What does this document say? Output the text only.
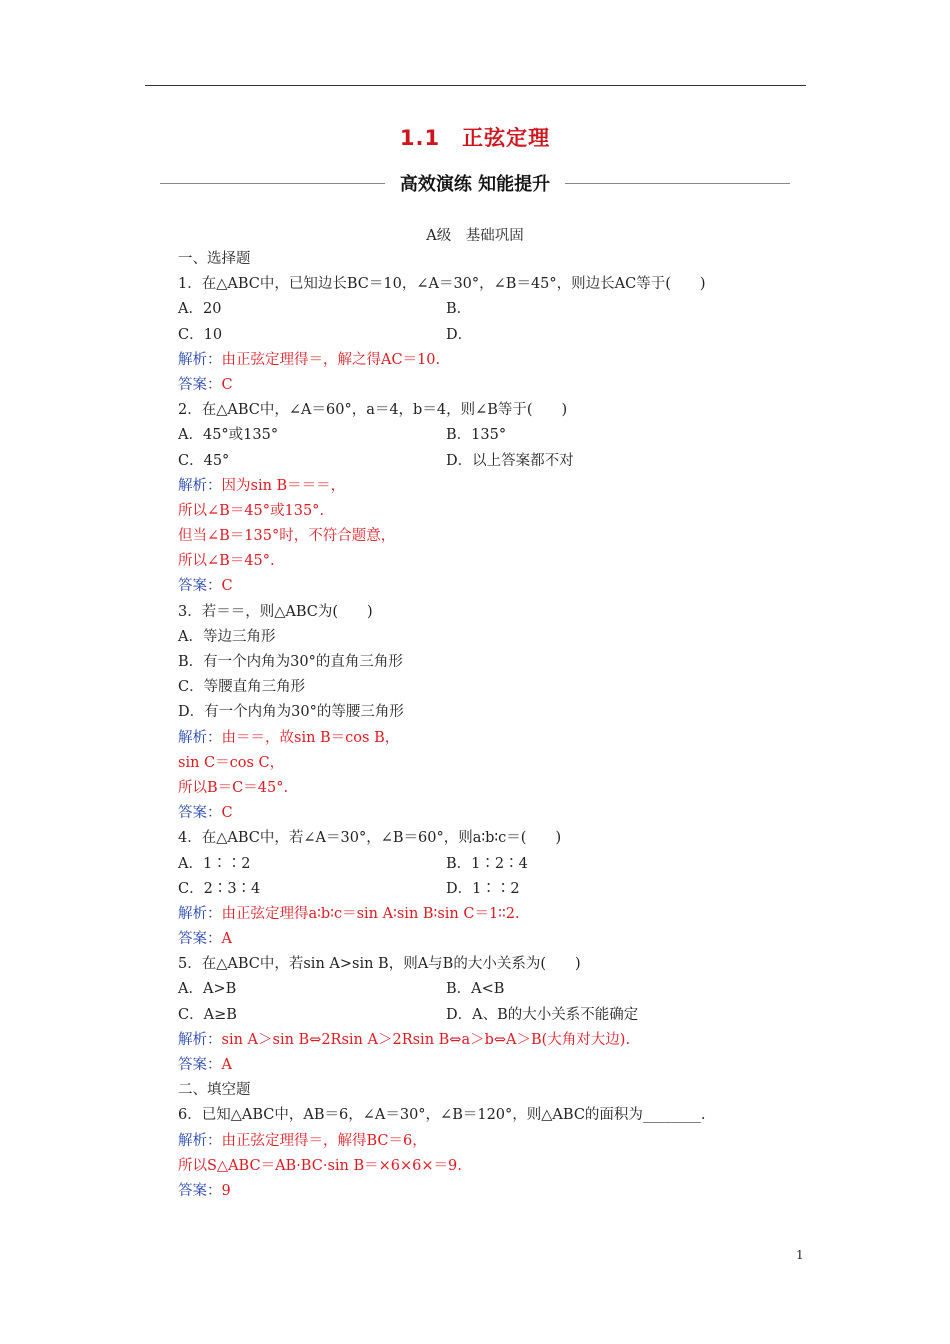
1.1　正弦定理
高效演练 知能提升
A级　基础巩固
一、选择题
1．在△ABC中，已知边长BC＝10，∠A＝30°，∠B＝45°，则边长AC等于(　　)
A．20	B．
C．10	D．
解析：由正弦定理得＝，解之得AC＝10.
答案：C
2．在△ABC中，∠A＝60°，a＝4，b＝4，则∠B等于(　　)
A．45°或135°	B．135°
C．45°	D．以上答案都不对
解析：因为sin B＝＝＝，
所以∠B＝45°或135°.
但当∠B＝135°时，不符合题意，
所以∠B＝45°.
答案：C
3．若＝＝，则△ABC为(　　)
A．等边三角形
B．有一个内角为30°的直角三角形
C．等腰直角三角形
D．有一个内角为30°的等腰三角形
解析：由＝＝，故sin B＝cos B，
sin C＝cos C，
所以B＝C＝45°.
答案：C
4．在△ABC中，若∠A＝30°，∠B＝60°，则a∶b∶c＝(　　)
A．1∶∶2	B．1∶2∶4
C．2∶3∶4	D．1∶∶2
解析：由正弦定理得a∶b∶c＝sin A∶sin B∶sin C＝1∶∶2.
答案：A
5．在△ABC中，若sin A>sin B，则A与B的大小关系为(　　)
A．A>B	B．A<B
C．A≥B	D．A、B的大小关系不能确定
解析：sin A＞sin B⇔2Rsin A＞2Rsin B⇔a＞b⇔A＞B(大角对大边).
答案：A
二、填空题
6．已知△ABC中，AB＝6，∠A＝30°，∠B＝120°，则△ABC的面积为________.
解析：由正弦定理得＝，解得BC＝6，
所以S△ABC＝AB·BC·sin B＝×6×6×＝9.
答案：9
1
